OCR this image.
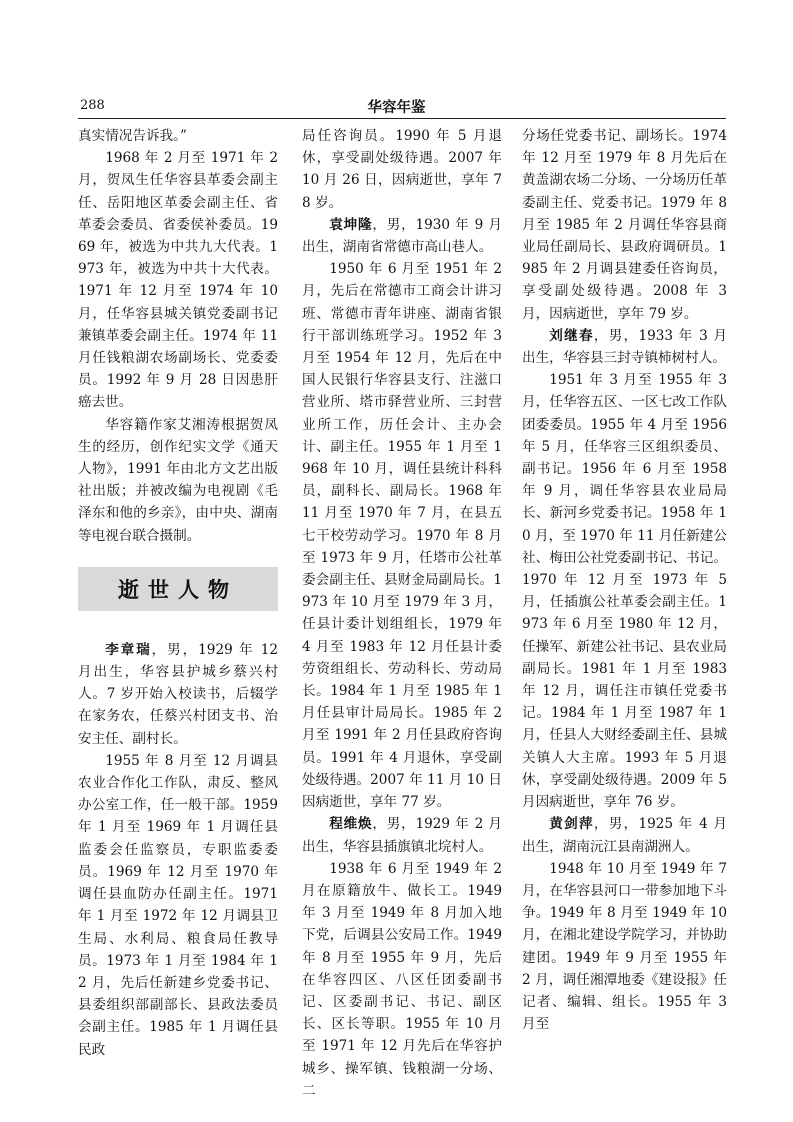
288	华容年鉴

真实情况告诉我。”

1968 年 2 月至 1971 年 2 月，贺凤生任华容县革委会副主任、岳阳地区革委会副主任、省革委会委员、省委侯补委员。1969 年，被选为中共九大代表。1973 年，被选为中共十大代表。1971 年 12 月至 1974 年 10 月，任华容县城关镇党委副书记兼镇革委会副主任。1974 年 11 月任钱粮湖农场副场长、党委委员。1992 年 9 月 28 日因患肝癌去世。

华容籍作家艾湘涛根据贺凤生的经历，创作纪实文学《通天人物》，1991 年由北方文艺出版社出版；并被改编为电视剧《毛泽东和他的乡亲》，由中央、湖南等电视台联合摄制。

逝世人物

李章瑞，男，1929 年 12 月出生，华容县护城乡蔡兴村人。7 岁开始入校读书，后辍学在家务农，任蔡兴村团支书、治安主任、副村长。

1955 年 8 月至 12 月调县农业合作化工作队，肃反、整风办公室工作，任一般干部。1959 年 1 月至 1969 年 1 月调任县监委会任监察员，专职监委委员。1969 年 12 月至 1970 年调任县血防办任副主任。1971 年 1 月至 1972 年 12 月调县卫生局、水利局、粮食局任教导员。1973 年 1 月至 1984 年 12 月，先后任新建乡党委书记、县委组织部副部长、县政法委员会副主任。1985 年 1 月调任县民政

局任咨询员。1990 年 5 月退休，享受副处级待遇。2007 年 10 月 26 日，因病逝世，享年 78 岁。

袁坤隆，男，1930 年 9 月出生，湖南省常德市高山巷人。

1950 年 6 月至 1951 年 2 月，先后在常德市工商会计讲习班、常德市青年讲座、湖南省银行干部训练班学习。1952 年 3 月至 1954 年 12 月，先后在中国人民银行华容县支行、注滋口营业所、塔市驿营业所、三封营业所工作，历任会计、主办会计、副主任。1955 年 1 月至 1968 年 10 月，调任县统计科科员，副科长、副局长。1968 年 11 月至 1970 年 7 月，在县五七干校劳动学习。1970 年 8 月至 1973 年 9 月，任塔市公社革委会副主任、县财金局副局长。1973 年 10 月至 1979 年 3 月，任县计委计划组组长，1979 年 4 月至 1983 年 12 月任县计委劳资组组长、劳动科长、劳动局长。1984 年 1 月至 1985 年 1 月任县审计局局长。1985 年 2 月至 1991 年 2 月任县政府咨询员。1991 年 4 月退休，享受副处级待遇。2007 年 11 月 10 日因病逝世，享年 77 岁。

程维焕，男，1929 年 2 月出生，华容县插旗镇北垸村人。

1938 年 6 月至 1949 年 2 月在原籍放牛、做长工。1949 年 3 月至 1949 年 8 月加入地下党，后调县公安局工作。1949 年 8 月至 1955 年 9 月，先后在华容四区、八区任团委副书记、区委副书记、书记、副区长、区长等职。1955 年 10 月至 1971 年 12 月先后在华容护城乡、操军镇、钱粮湖一分场、二

分场任党委书记、副场长。1974 年 12 月至 1979 年 8 月先后在黄盖湖农场二分场、一分场历任革委副主任、党委书记。1979 年 8 月至 1985 年 2 月调任华容县商业局任副局长、县政府调研员。1985 年 2 月调县建委任咨询员，享受副处级待遇。2008 年 3 月，因病逝世，享年 79 岁。

刘继春，男，1933 年 3 月出生，华容县三封寺镇柿树村人。

1951 年 3 月至 1955 年 3 月，任华容五区、一区七改工作队团委委员。1955 年 4 月至 1956 年 5 月，任华容三区组织委员、副书记。1956 年 6 月至 1958 年 9 月，调任华容县农业局局长、新河乡党委书记。1958 年 10 月，至 1970 年 11 月任新建公社、梅田公社党委副书记、书记。1970 年 12 月至 1973 年 5 月，任插旗公社革委会副主任。1973 年 6 月至 1980 年 12 月，任操军、新建公社书记、县农业局副局长。1981 年 1 月至 1983 年 12 月，调任注市镇任党委书记。1984 年 1 月至 1987 年 1 月，任县人大财经委副主任、县城关镇人大主席。1993 年 5 月退休，享受副处级待遇。2009 年 5 月因病逝世，享年 76 岁。

黄剑萍，男，1925 年 4 月出生，湖南沅江县南湖洲人。

1948 年 10 月至 1949 年 7 月，在华容县河口一带参加地下斗争。1949 年 8 月至 1949 年 10 月，在湘北建设学院学习，并协助建团。1949 年 9 月至 1955 年 2 月，调任湘潭地委《建设报》任记者、编辑、组长。1955 年 3 月至
